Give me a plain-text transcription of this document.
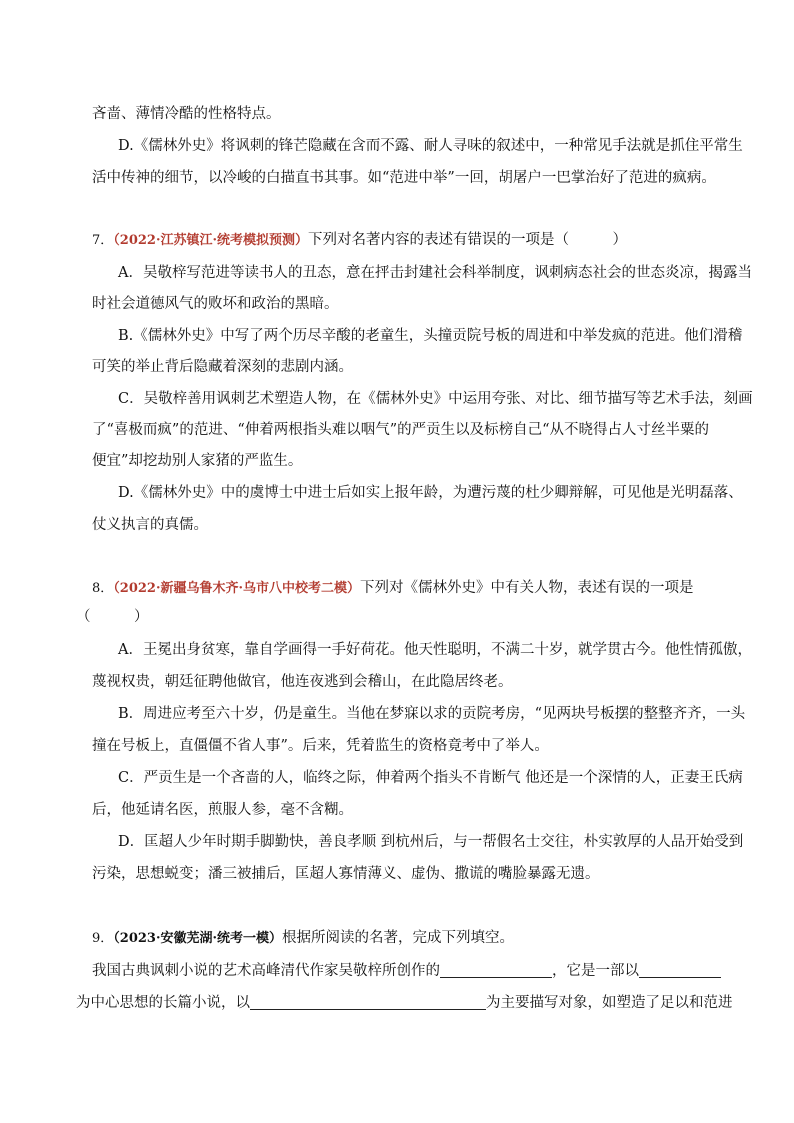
吝啬、薄情冷酷的性格特点。
D.《儒林外史》将讽刺的锋芒隐藏在含而不露、耐人寻味的叙述中，一种常见手法就是抓住平常生
活中传神的细节，以冷峻的白描直书其事。如“范进中举”一回，胡屠户一巴掌治好了范进的疯病。
7．（2022·江苏镇江·统考模拟预测）下列对名著内容的表述有错误的一项是（　　　）
A．吴敬梓写范进等读书人的丑态，意在抨击封建社会科举制度，讽刺病态社会的世态炎凉，揭露当
时社会道德风气的败坏和政治的黑暗。
B.《儒林外史》中写了两个历尽辛酸的老童生，头撞贡院号板的周进和中举发疯的范进。他们滑稽
可笑的举止背后隐藏着深刻的悲剧内涵。
C．吴敬梓善用讽刺艺术塑造人物，在《儒林外史》中运用夸张、对比、细节描写等艺术手法，刻画
了“喜极而疯”的范进、“伸着两根指头难以咽气”的严贡生以及标榜自己“从不晓得占人寸丝半粟的
便宜”却挖劫别人家猪的严监生。
D.《儒林外史》中的虞博士中进士后如实上报年龄，为遭污蔑的杜少卿辩解，可见他是光明磊落、
仗义执言的真儒。
8．（2022·新疆乌鲁木齐·乌市八中校考二模）下列对《儒林外史》中有关人物，表述有误的一项是
（　　　）
A．王冕出身贫寒，靠自学画得一手好荷花。他天性聪明，不满二十岁，就学贯古今。他性情孤傲，
蔑视权贵，朝廷征聘他做官，他连夜逃到会稽山，在此隐居终老。
B．周进应考至六十岁，仍是童生。当他在梦寐以求的贡院考房，“见两块号板摆的整整齐齐，一头
撞在号板上，直僵僵不省人事”。后来，凭着监生的资格竟考中了举人。
C．严贡生是一个吝啬的人，临终之际，伸着两个指头不肯断气 他还是一个深情的人，正妻王氏病
后，他延请名医，煎服人参，毫不含糊。
D．匡超人少年时期手脚勤快，善良孝顺 到杭州后，与一帮假名士交往，朴实敦厚的人品开始受到
污染，思想蜕变；潘三被捕后，匡超人寡情薄义、虚伪、撒谎的嘴脸暴露无遗。
9．（2023·安徽芜湖·统考一模）根据所阅读的名著，完成下列填空。
我国古典讽刺小说的艺术高峰清代作家吴敬梓所创作的	，它是一部以
为中心思想的长篇小说，以	为主要描写对象，如塑造了足以和范进
